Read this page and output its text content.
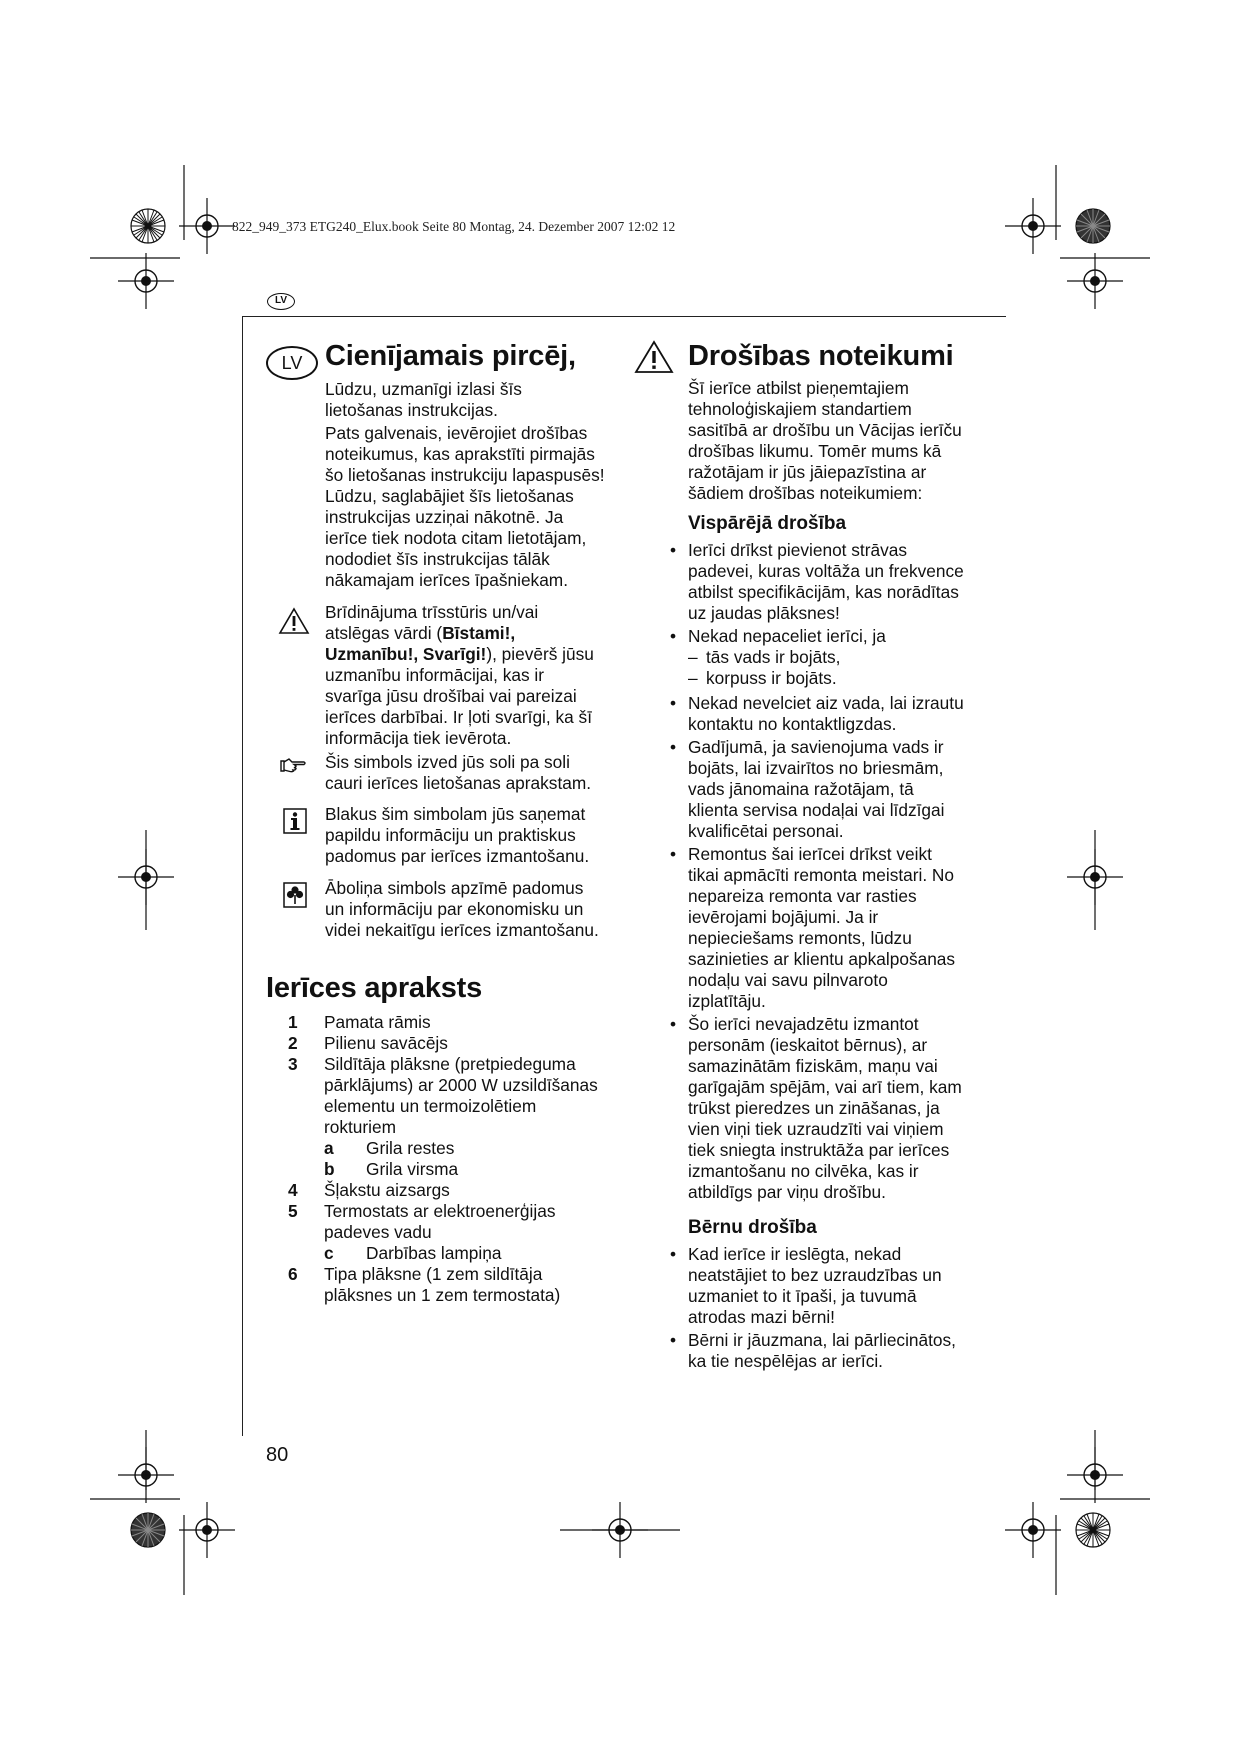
822_949_373 ETG240_Elux.book Seite 80 Montag, 24. Dezember 2007 12:02 12
LV
LV Cienījamais pircēj,
Lūdzu, uzmanīgi izlasi šīs
lietošanas instrukcijas.
Pats galvenais, ievērojiet drošības
noteikumus, kas aprakstīti pirmajās
šo lietošanas instrukciju lapaspusēs!
Lūdzu, saglabājiet šīs lietošanas
instrukcijas uzziņai nākotnē. Ja
ierīce tiek nodota citam lietotājam,
nododiet šīs instrukcijas tālāk
nākamajam ierīces īpašniekam.
Brīdinājuma trīsstūris un/vai
atslēgas vārdi (Bīstami!,
Uzmanību!, Svarīgi!), pievērš jūsu
uzmanību informācijai, kas ir
svarīga jūsu drošībai vai pareizai
ierīces darbībai. Ir ļoti svarīgi, ka šī
informācija tiek ievērota.
Šis simbols izved jūs soli pa soli
cauri ierīces lietošanas aprakstam.
Blakus šim simbolam jūs saņemat
papildu informāciju un praktiskus
padomus par ierīces izmantošanu.
Āboliņa simbols apzīmē padomus
un informāciju par ekonomisku un
videi nekaitīgu ierīces izmantošanu.
Ierīces apraksts
1	Pamata rāmis
2	Pilienu savācējs
3	Sildītāja plāksne (pretpiedeguma
pārklājums) ar 2000 W uzsildīšanas
elementu un termoizolētiem
rokturiem
a	Grila restes
b	Grila virsma
4	Šļakstu aizsargs
5	Termostats ar elektroenerģijas
padeves vadu
c	Darbības lampiņa
6	Tipa plāksne (1 zem sildītāja
plāksnes un 1 zem termostata)
Drošības noteikumi
Šī ierīce atbilst pieņemtajiem
tehnoloģiskajiem standartiem
sasitībā ar drošību un Vācijas ierīču
drošības likumu. Tomēr mums kā
ražotājam ir jūs jāiepazīstina ar
šādiem drošības noteikumiem:
Vispārējā drošība
• Ierīci drīkst pievienot strāvas
padevei, kuras voltāža un frekvence
atbilst specifikācijām, kas norādītas
uz jaudas plāksnes!
• Nekad nepaceliet ierīci, ja
– tās vads ir bojāts,
– korpuss ir bojāts.
• Nekad nevelciet aiz vada, lai izrautu
kontaktu no kontaktligzdas.
• Gadījumā, ja savienojuma vads ir
bojāts, lai izvairītos no briesmām,
vads jānomaina ražotājam, tā
klienta servisa nodaļai vai līdzīgai
kvalificētai personai.
• Remontus šai ierīcei drīkst veikt
tikai apmācīti remonta meistari. No
nepareiza remonta var rasties
ievērojami bojājumi. Ja ir
nepieciešams remonts, lūdzu
sazinieties ar klientu apkalpošanas
nodaļu vai savu pilnvaroto
izplatītāju.
• Šo ierīci nevajadzētu izmantot
personām (ieskaitot bērnus), ar
samazinātām fiziskām, maņu vai
garīgajām spējām, vai arī tiem, kam
trūkst pieredzes un zināšanas, ja
vien viņi tiek uzraudzīti vai viņiem
tiek sniegta instruktāža par ierīces
izmantošanu no cilvēka, kas ir
atbildīgs par viņu drošību.
Bērnu drošība
• Kad ierīce ir ieslēgta, nekad
neatstājiet to bez uzraudzības un
uzmaniet to it īpaši, ja tuvumā
atrodas mazi bērni!
• Bērni ir jāuzmana, lai pārliecinātos,
ka tie nespēlējas ar ierīci.
80
